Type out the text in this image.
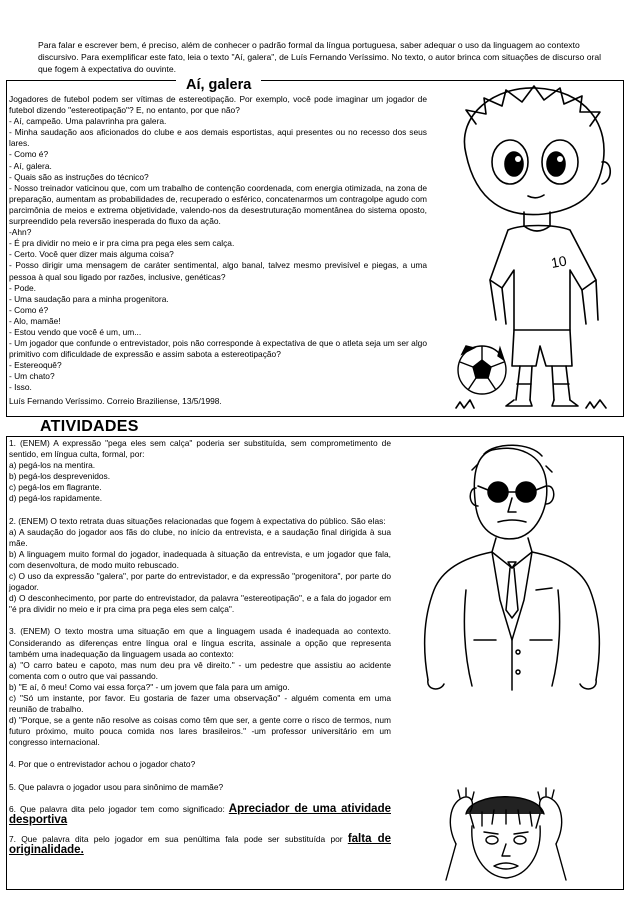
Para falar e escrever bem, é preciso, além de conhecer o padrão formal da língua portuguesa, saber adequar o uso da linguagem ao contexto discursivo. Para exemplificar este fato, leia o texto "Aí, galera", de Luís Fernando Veríssimo. No texto, o autor brinca com situações de discurso oral que fogem à expectativa do ouvinte.
Aí, galera
Jogadores de futebol podem ser vítimas de estereotipação. Por exemplo, você pode imaginar um jogador de futebol dizendo "estereotipação"? E, no entanto, por que não?
- Aí, campeão. Uma palavrinha pra galera.
- Minha saudação aos aficionados do clube e aos demais esportistas, aqui presentes ou no recesso dos seus lares.
- Como é?
- Aí, galera.
- Quais são as instruções do técnico?
- Nosso treinador vaticinou que, com um trabalho de contenção coordenada, com energia otimizada, na zona de preparação, aumentam as probabilidades de, recuperado o esférico, concatenarmos um contragolpe agudo com parcimônia de meios e extrema objetividade, valendo-nos da desestruturação momentânea do sistema oposto, surpreendido pela reversão inesperada do fluxo da ação.
-Ahn?
- É pra dividir no meio e ir pra cima pra pega eles sem calça.
- Certo. Você quer dizer mais alguma coisa?
- Posso dirigir uma mensagem de caráter sentimental, algo banal, talvez mesmo previsível e piegas, a uma pessoa à qual sou ligado por razões, inclusive, genéticas?
- Pode.
- Uma saudação para a minha progenitora.
- Como é?
- Alo, mamãe!
- Estou vendo que você é um, um...
- Um jogador que confunde o entrevistador, pois não corresponde à expectativa de que o atleta seja um ser algo primitivo com dificuldade de expressão e assim sabota a estereotipação?
- Estereoquê?
- Um chato?
- Isso.
Luís Fernando Veríssimo. Correio Braziliense, 13/5/1998.
10
ATIVIDADES
1. (ENEM) A expressão "pega eles sem calça" poderia ser substituída, sem comprometimento de sentido, em língua culta, formal, por:
a) pegá-los na mentira.
b) pegá-los desprevenidos.
c) pegá-los em flagrante.
d) pegá-los rapidamente.
2. (ENEM) O texto retrata duas situações relacionadas que fogem à expectativa do público. São elas:
a) A saudação do jogador aos fãs do clube, no início da entrevista, e a saudação final dirigida à sua mãe.
b) A linguagem muito formal do jogador, inadequada à situação da entrevista, e um jogador que fala, com desenvoltura, de modo muito rebuscado.
c) O uso da expressão "galera", por parte do entrevistador, e da expressão "progenitora", por parte do jogador.
d) O desconhecimento, por parte do entrevistador, da palavra "estereotipação", e a fala do jogador em "é pra dividir no meio e ir pra cima pra pega eles sem calça".
3. (ENEM) O texto mostra uma situação em que a linguagem usada é inadequada ao contexto. Considerando as diferenças entre língua oral e língua escrita, assinale a opção que representa também uma inadequação da linguagem usada ao contexto:
a) "O carro bateu e capoto, mas num deu pra vê direito." - um pedestre que assistiu ao acidente comenta com o outro que vai passando.
b) "E aí, ô meu! Como vai essa força?" - um jovem que fala para um amigo.
c) "Só um instante, por favor. Eu gostaria de fazer uma observação" - alguém comenta em uma reunião de trabalho.
d) "Porque, se a gente não resolve as coisas como têm que ser, a gente corre o risco de termos, num futuro próximo, muito pouca comida nos lares brasileiros." -um professor universitário em um congresso internacional.
4. Por que o entrevistador achou o jogador chato?
5. Que palavra o jogador usou para sinônimo de mamãe?
6. Que palavra dita pelo jogador tem como significado: Apreciador de uma atividade desportiva
7. Que palavra dita pelo jogador em sua penúltima fala pode ser substituída por falta de originalidade.
